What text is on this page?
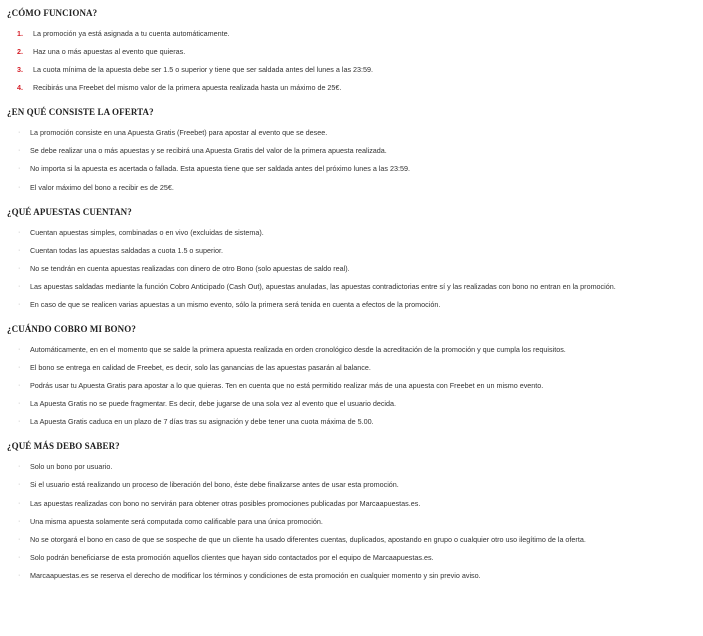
¿CÓMO FUNCIONA?
1. La promoción ya está asignada a tu cuenta automáticamente.
2. Haz una o más apuestas al evento que quieras.
3. La cuota mínima de la apuesta debe ser 1.5 o superior y tiene que ser saldada antes del lunes a las 23:59.
4. Recibirás una Freebet del mismo valor de la primera apuesta realizada hasta un máximo de 25€.
¿EN QUÉ CONSISTE LA OFERTA?
· La promoción consiste en una Apuesta Gratis (Freebet) para apostar al evento que se desee.
· Se debe realizar una o más apuestas y se recibirá una Apuesta Gratis del valor de la primera apuesta realizada.
· No importa si la apuesta es acertada o fallada. Esta apuesta tiene que ser saldada antes del próximo lunes a las 23:59.
· El valor máximo del bono a recibir es de 25€.
¿QUÉ APUESTAS CUENTAN?
· Cuentan apuestas simples, combinadas o en vivo (excluidas de sistema).
· Cuentan todas las apuestas saldadas a cuota 1.5 o superior.
· No se tendrán en cuenta apuestas realizadas con dinero de otro Bono (solo apuestas de saldo real).
· Las apuestas saldadas mediante la función Cobro Anticipado (Cash Out), apuestas anuladas, las apuestas contradictorias entre sí y las realizadas con bono no entran en la promoción.
· En caso de que se realicen varias apuestas a un mismo evento, sólo la primera será tenida en cuenta a efectos de la promoción.
¿CUÁNDO COBRO MI BONO?
· Automáticamente, en en el momento que se salde la primera apuesta realizada en orden cronológico desde la acreditación de la promoción y que cumpla los requisitos.
· El bono se entrega en calidad de Freebet, es decir, solo las ganancias de las apuestas pasarán al balance.
· Podrás usar tu Apuesta Gratis para apostar a lo que quieras. Ten en cuenta que no está permitido realizar más de una apuesta con Freebet en un mismo evento.
· La Apuesta Gratis no se puede fragmentar. Es decir, debe jugarse de una sola vez al evento que el usuario decida.
· La Apuesta Gratis caduca en un plazo de 7 días tras su asignación y debe tener una cuota máxima de 5.00.
¿QUÉ MÁS DEBO SABER?
· Solo un bono por usuario.
· Si el usuario está realizando un proceso de liberación del bono, éste debe finalizarse antes de usar esta promoción.
· Las apuestas realizadas con bono no servirán para obtener otras posibles promociones publicadas por Marcaapuestas.es.
· Una misma apuesta solamente será computada como calificable para una única promoción.
· No se otorgará el bono en caso de que se sospeche de que un cliente ha usado diferentes cuentas, duplicados, apostando en grupo o cualquier otro uso ilegítimo de la oferta.
· Solo podrán beneficiarse de esta promoción aquellos clientes que hayan sido contactados por el equipo de Marcaapuestas.es.
· Marcaapuestas.es se reserva el derecho de modificar los términos y condiciones de esta promoción en cualquier momento y sin previo aviso.
